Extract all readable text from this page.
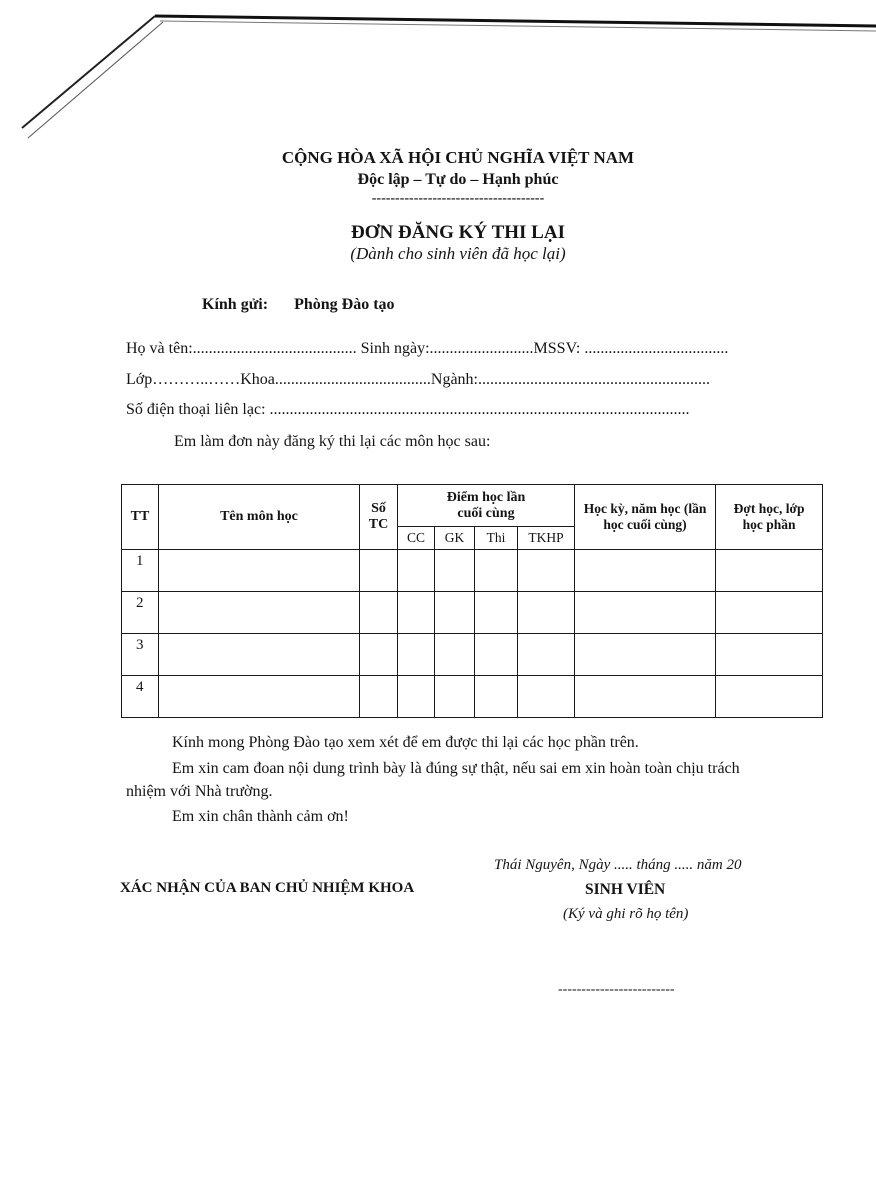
CỘNG HÒA XÃ HỘI CHỦ NGHĨA VIỆT NAM
Độc lập – Tự do – Hạnh phúc
-------------------------------------
ĐƠN ĐĂNG KÝ THI LẠI
(Dành cho sinh viên đã học lại)
Kính gửi: Phòng Đào tạo
Họ và tên:......................................... Sinh ngày:..........................MSSV: ....................................
Lớp………..……Khoa.......................................Ngành:..........................................................
Số điện thoại liên lạc: .........................................................................................................
Em làm đơn này đăng ký thi lại các môn học sau:
TT	Tên môn học	Số TC	Điểm học lần cuối cùng				Học kỳ, năm học (lần học cuối cùng)	Đợt học, lớp học phần
			CC	GK	Thi	TKHP		
1								
2								
3								
4								
Kính mong Phòng Đào tạo xem xét để em được thi lại các học phần trên.
Em xin cam đoan nội dung trình bày là đúng sự thật, nếu sai em xin hoàn toàn chịu trách
nhiệm với Nhà trường.
Em xin chân thành cảm ơn!
Thái Nguyên, Ngày ..... tháng ..... năm 20
XÁC NHẬN CỦA BAN CHỦ NHIỆM KHOA	SINH VIÊN
(Ký và ghi rõ họ tên)
-------------------------
